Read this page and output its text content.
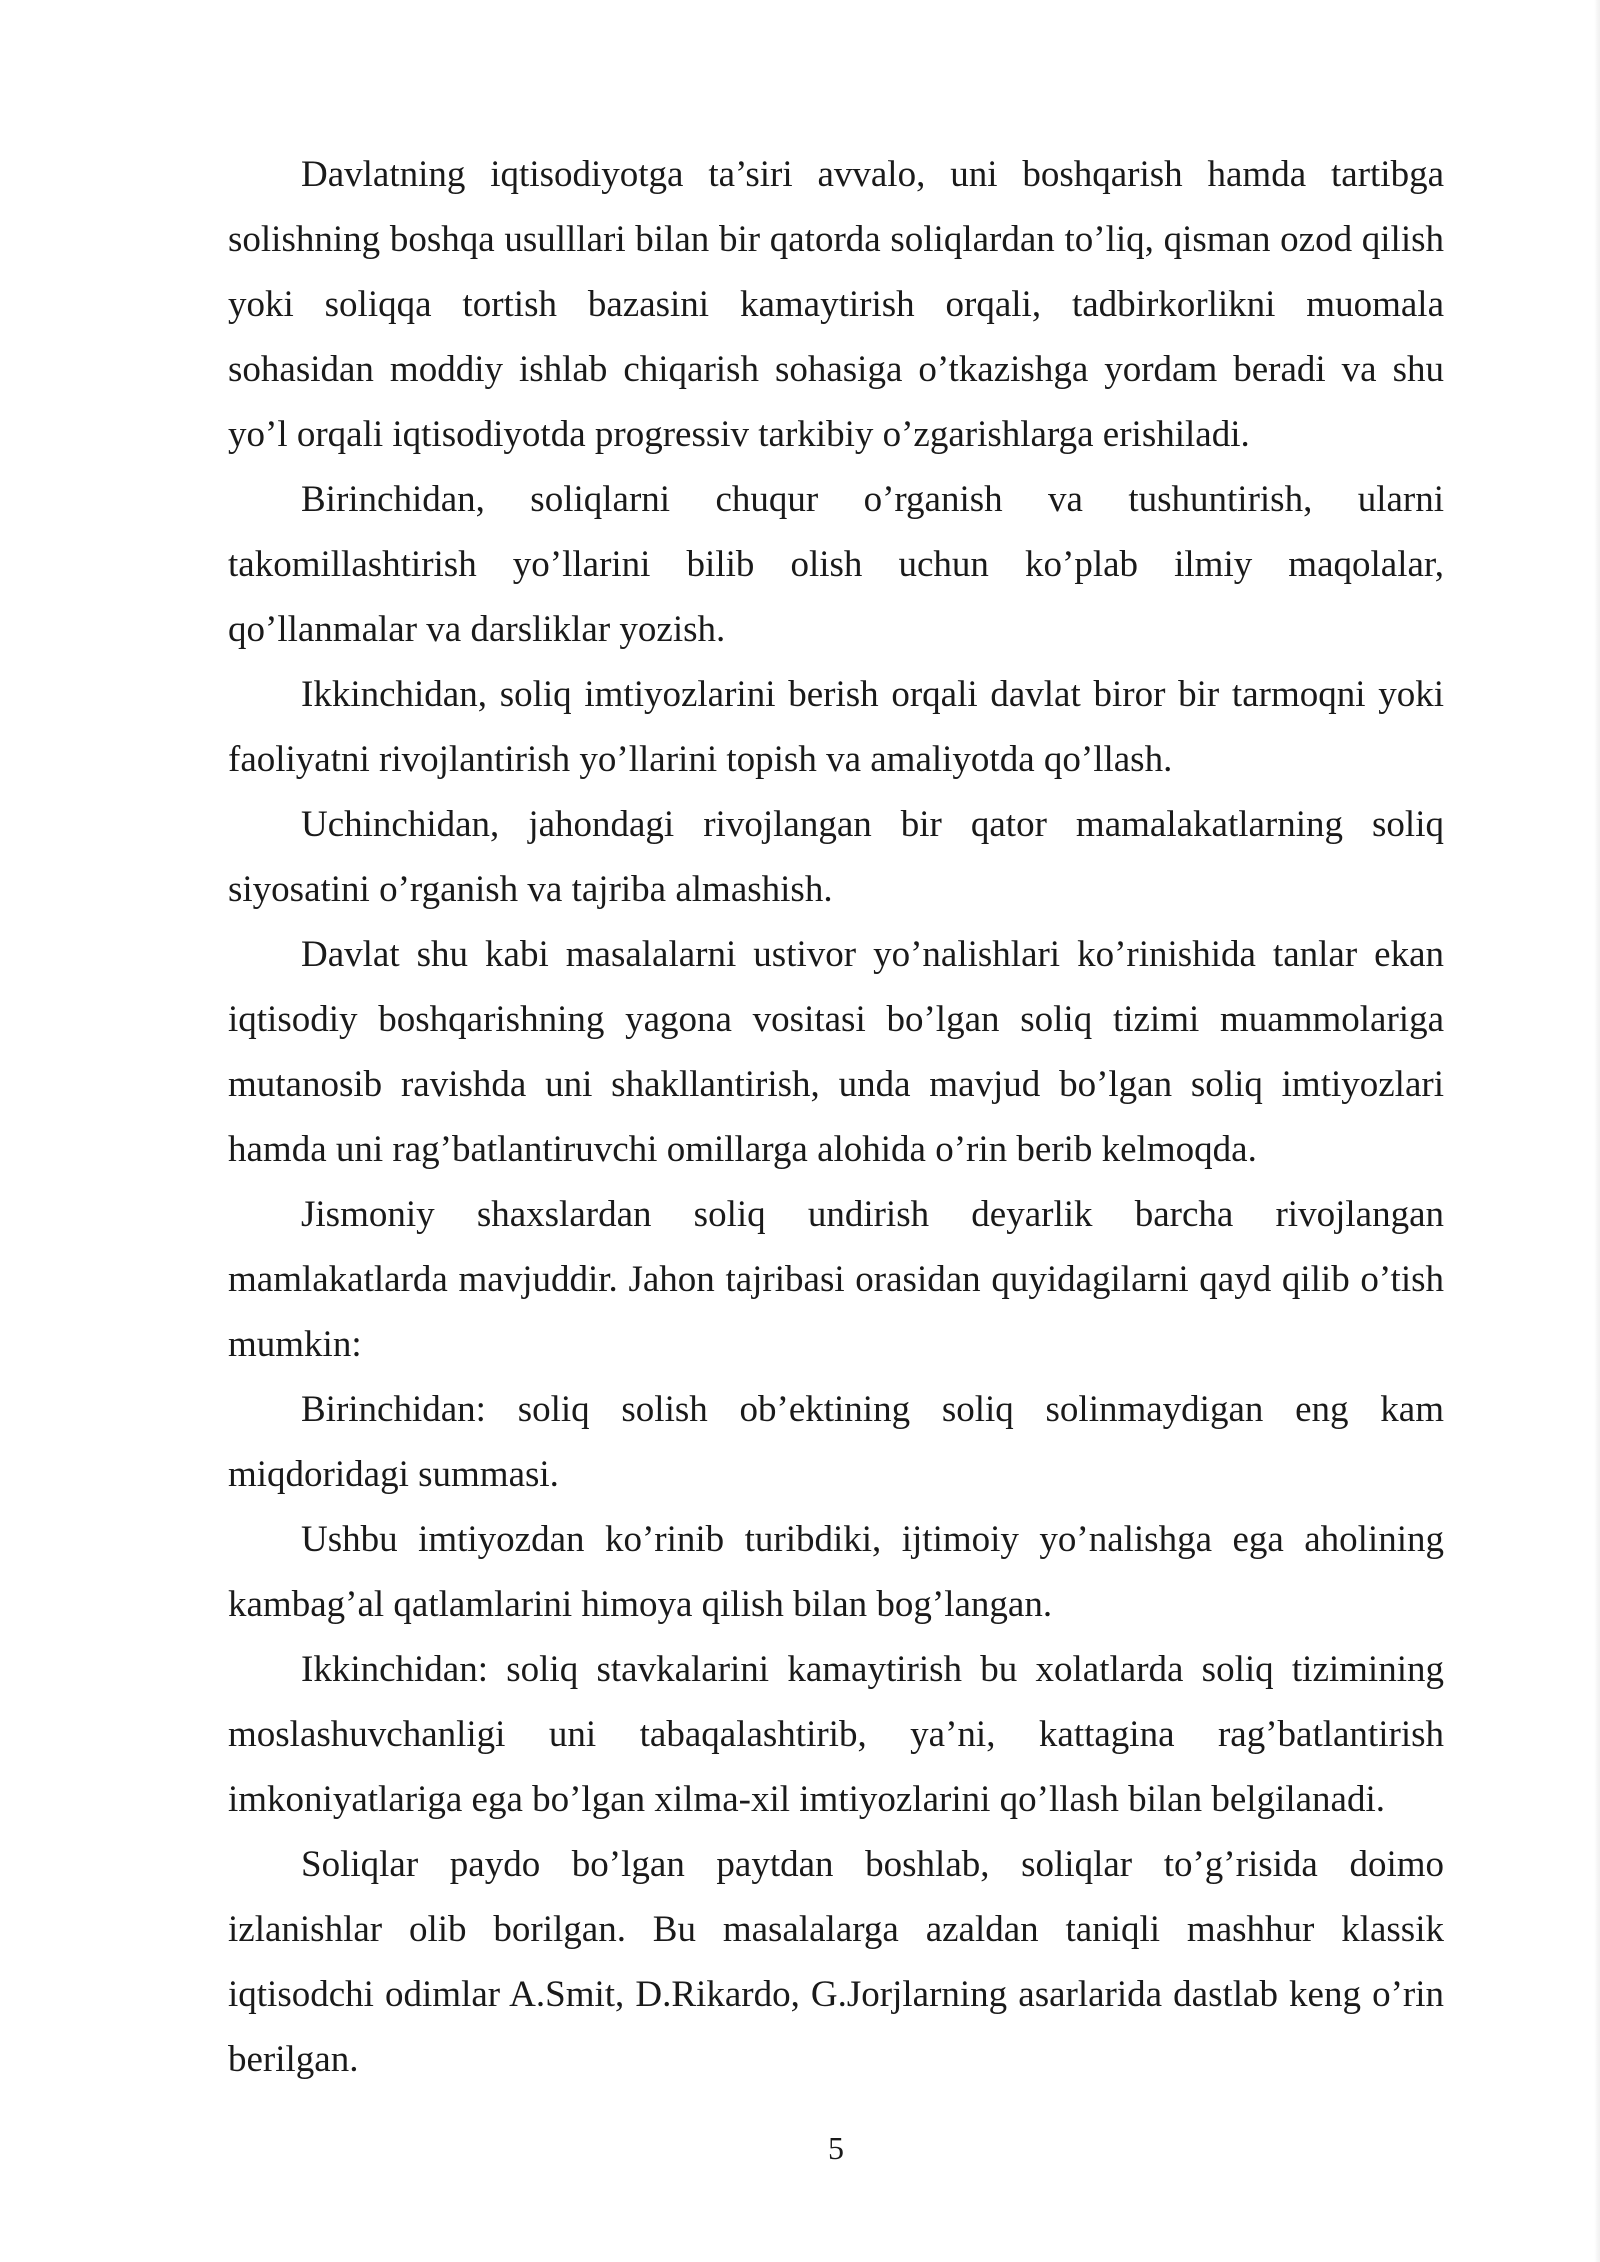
Davlatning iqtisodiyotga ta’siri avvalo, uni boshqarish hamda tartibga solishning boshqa usulllari bilan bir qatorda soliqlardan to’liq, qisman ozod qilish yoki soliqqa tortish bazasini kamaytirish orqali, tadbirkorlikni muomala sohasidan moddiy ishlab chiqarish sohasiga o’tkazishga yordam beradi va shu yo’l orqali iqtisodiyotda progressiv tarkibiy o’zgarishlarga erishiladi.

Birinchidan, soliqlarni chuqur o’rganish va tushuntirish, ularni takomillashtirish yo’llarini bilib olish uchun ko’plab ilmiy maqolalar, qo’llanmalar va darsliklar yozish.

Ikkinchidan, soliq imtiyozlarini berish orqali davlat biror bir tarmoqni yoki faoliyatni rivojlantirish yo’llarini topish va amaliyotda qo’llash.

Uchinchidan, jahondagi rivojlangan bir qator mamalakatlarning soliq siyosatini o’rganish va tajriba almashish.

Davlat shu kabi masalalarni ustivor yo’nalishlari ko’rinishida tanlar ekan iqtisodiy boshqarishning yagona vositasi bo’lgan soliq tizimi muammolariga mutanosib ravishda uni shakllantirish, unda mavjud bo’lgan soliq imtiyozlari hamda uni rag’batlantiruvchi omillarga alohida o’rin berib kelmoqda.

Jismoniy shaxslardan soliq undirish deyarlik barcha rivojlangan mamlakatlarda mavjuddir. Jahon tajribasi orasidan quyidagilarni qayd qilib o’tish mumkin:

Birinchidan: soliq solish ob’ektining soliq solinmaydigan eng kam miqdoridagi summasi.

Ushbu imtiyozdan ko’rinib turibdiki, ijtimoiy yo’nalishga ega aholining kambag’al qatlamlarini himoya qilish bilan bog’langan.

Ikkinchidan: soliq stavkalarini kamaytirish bu xolatlarda soliq tizimining moslashuvchanligi uni tabaqalashtirib, ya’ni, kattagina rag’batlantirish imkoniyatlariga ega bo’lgan xilma-xil imtiyozlarini qo’llash bilan belgilanadi.

Soliqlar paydo bo’lgan paytdan boshlab, soliqlar to’g’risida doimo izlanishlar olib borilgan. Bu masalalarga azaldan taniqli mashhur klassik iqtisodchi odimlar A.Smit, D.Rikardo, G.Jorjlarning asarlarida dastlab keng o’rin berilgan.

5
